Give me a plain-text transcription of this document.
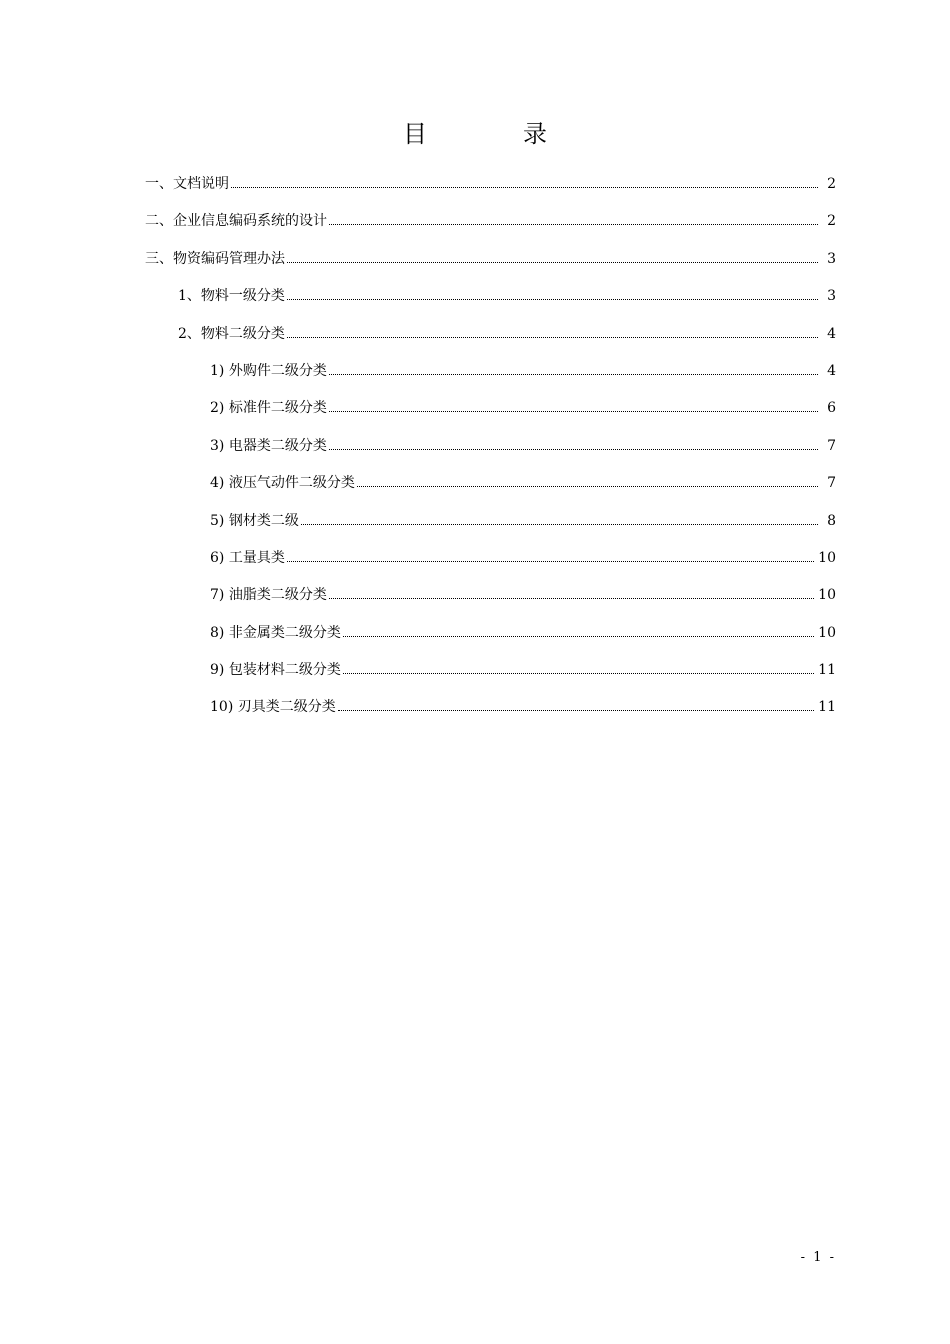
目　录
一、文档说明	2
二、企业信息编码系统的设计	2
三、物资编码管理办法	3
1、物料一级分类	3
2、物料二级分类	4
1) 外购件二级分类	4
2) 标准件二级分类	6
3) 电器类二级分类	7
4) 液压气动件二级分类	7
5) 钢材类二级	8
6) 工量具类	10
7) 油脂类二级分类	10
8) 非金属类二级分类	10
9) 包装材料二级分类	11
10) 刃具类二级分类	11
- 1 -
